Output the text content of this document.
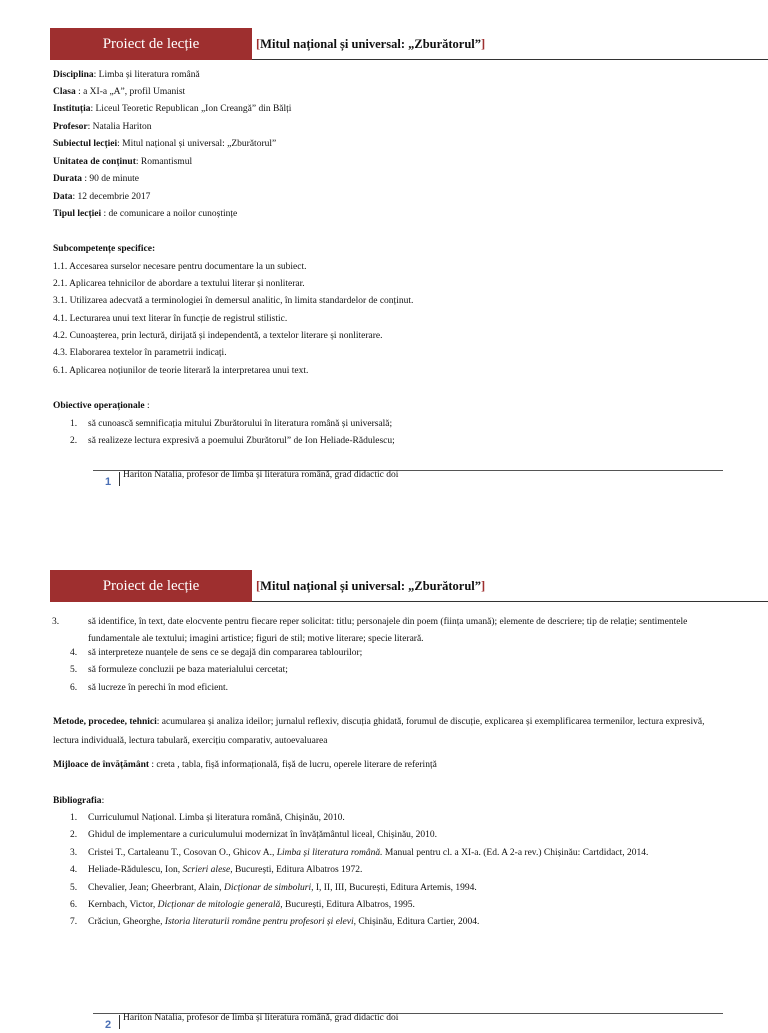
Proiect de lecție	[Mitul național și universal: „Zburătorul”]
Disciplina: Limba și literatura română
Clasa : a XI-a „A”, profil Umanist
Instituția: Liceul Teoretic Republican „Ion Creangă” din Bălți
Profesor: Natalia Hariton
Subiectul lecției: Mitul național și universal: „Zburătorul”
Unitatea de conținut: Romantismul
Durata : 90 de minute
Data: 12 decembrie 2017
Tipul lecției : de comunicare a noilor cunoștințe
Subcompetențe specifice:
1.1. Accesarea surselor necesare pentru documentare la un subiect.
2.1. Aplicarea tehnicilor de abordare a textului literar și nonliterar.
3.1. Utilizarea adecvată a terminologiei în demersul analitic, în limita standardelor de conținut.
4.1. Lecturarea unui text literar în funcție de registrul stilistic.
4.2. Cunoașterea, prin lectură, dirijată și independentă, a textelor literare și nonliterare.
4.3. Elaborarea textelor în parametrii indicați.
6.1. Aplicarea noțiunilor de teorie literară la interpretarea unui text.
Obiective operaționale :
1. să cunoască semnificația mitului Zburătorului în literatura română și universală;
2. să realizeze lectura expresivă a poemului Zburătorul” de Ion Heliade-Rădulescu;
1
Hariton Natalia, profesor de limba și literatura română, grad didactic doi
Proiect de lecție	[Mitul național și universal: „Zburătorul”]
3.	să identifice, în text, date elocvente pentru fiecare reper solicitat: titlu; personajele din poem (ființa umană); elemente de descriere; tip de relație; sentimentele fundamentale ale textului; imagini artistice; figuri de stil; motive literare; specie literară.
4. să interpreteze nuanțele de sens ce se degajă din compararea tablourilor;
5. să formuleze concluzii pe baza materialului cercetat;
6. să lucreze în perechi în mod eficient.
Metode, procedee, tehnici: acumularea și analiza ideilor; jurnalul reflexiv, discuția ghidată, forumul de discuție, explicarea și exemplificarea termenilor, lectura expresivă, lectura individuală, lectura tabulară, exercițiu comparativ, autoevaluarea
Mijloace de învățământ : creta , tabla, fișă informațională, fișă de lucru, operele literare de referință
Bibliografia:
1. Curriculumul Național. Limba și literatura română, Chișinău, 2010.
2. Ghidul de implementare a curiculumului modernizat în învățământul liceal, Chișinău, 2010.
3. Cristei T., Cartaleanu T., Cosovan O., Ghicov A., Limba și literatura română. Manual pentru cl. a XI-a. (Ed. A 2-a rev.) Chișinău: Cartdidact, 2014.
4. Heliade-Rădulescu, Ion, Scrieri alese, București, Editura Albatros 1972.
5. Chevalier, Jean; Gheerbrant, Alain, Dicționar de simboluri, I, II, III, București, Editura Artemis, 1994.
6. Kernbach, Victor, Dicționar de mitologie generală, București, Editura Albatros, 1995.
7. Crăciun, Gheorghe, Istoria literaturii române pentru profesori și elevi, Chișinău, Editura Cartier, 2004.
2
Hariton Natalia, profesor de limba și literatura română, grad didactic doi
